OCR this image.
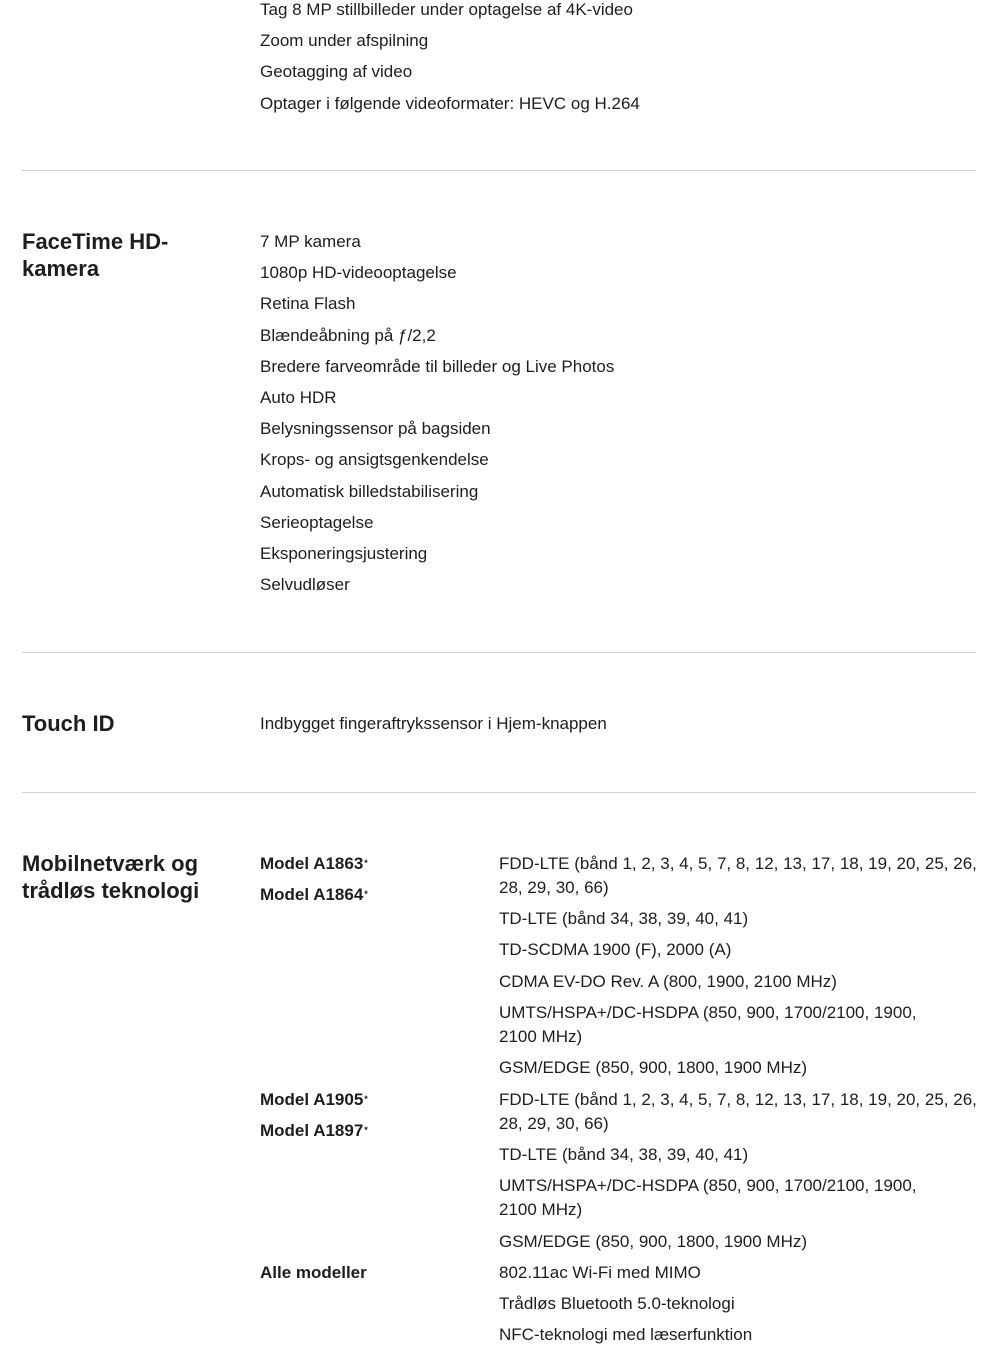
Tag 8 MP stillbilleder under optagelse af 4K-video
Zoom under afspilning
Geotagging af video
Optager i følgende videoformater: HEVC og H.264
FaceTime HD-kamera
7 MP kamera
1080p HD-videooptagelse
Retina Flash
Blændeåbning på ƒ/2,2
Bredere farveområde til billeder og Live Photos
Auto HDR
Belysningssensor på bagsiden
Krops- og ansigtsgenkendelse
Automatisk billedstabilisering
Serieoptagelse
Eksponeringsjustering
Selvudløser
Touch ID	Indbygget fingeraftrykssensor i Hjem-knappen
Mobilnetværk og trådløs teknologi
Model A1863*
Model A1864*
FDD-LTE (bånd 1, 2, 3, 4, 5, 7, 8, 12, 13, 17, 18, 19, 20, 25, 26, 28, 29, 30, 66)
TD-LTE (bånd 34, 38, 39, 40, 41)
TD-SCDMA 1900 (F), 2000 (A)
CDMA EV-DO Rev. A (800, 1900, 2100 MHz)
UMTS/HSPA+/DC-HSDPA (850, 900, 1700/2100, 1900, 2100 MHz)
GSM/EDGE (850, 900, 1800, 1900 MHz)
Model A1905*
Model A1897*
FDD-LTE (bånd 1, 2, 3, 4, 5, 7, 8, 12, 13, 17, 18, 19, 20, 25, 26, 28, 29, 30, 66)
TD-LTE (bånd 34, 38, 39, 40, 41)
UMTS/HSPA+/DC-HSDPA (850, 900, 1700/2100, 1900, 2100 MHz)
GSM/EDGE (850, 900, 1800, 1900 MHz)
Alle modeller	802.11ac Wi-Fi med MIMO
Trådløs Bluetooth 5.0-teknologi
NFC-teknologi med læserfunktion
